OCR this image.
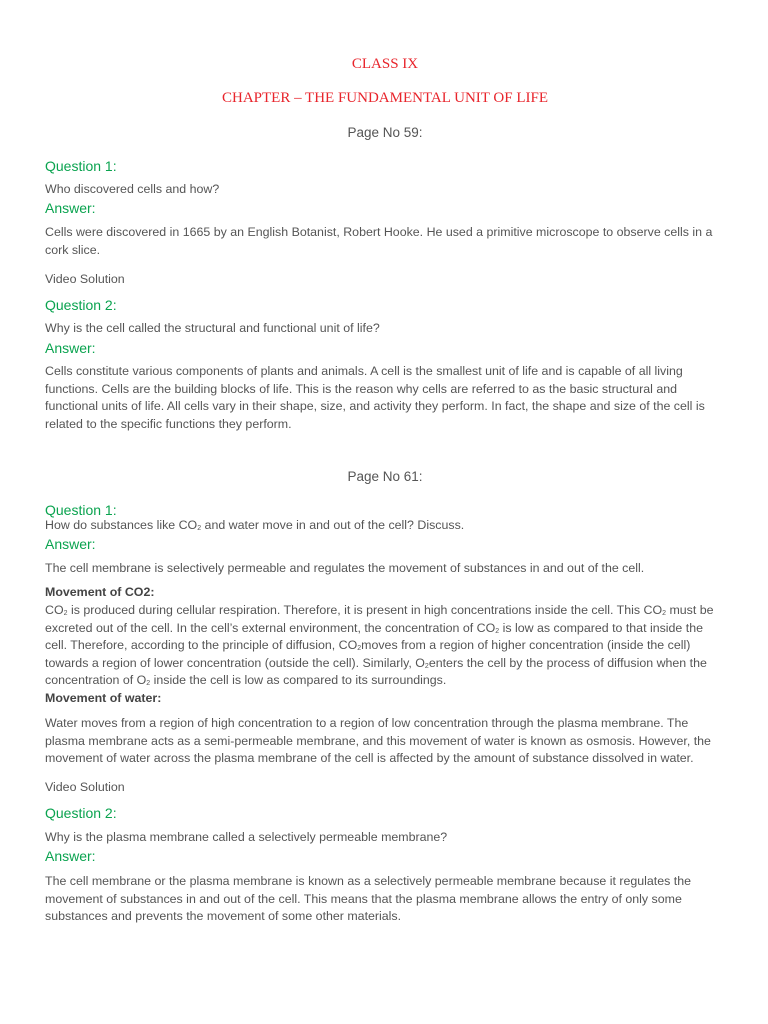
CLASS IX
CHAPTER – THE FUNDAMENTAL UNIT OF LIFE
Page No 59:
Question 1:
Who discovered cells and how?
Answer:
Cells were discovered in 1665 by an English Botanist, Robert Hooke. He used a primitive microscope to observe cells in a cork slice.
Video Solution
Question 2:
Why is the cell called the structural and functional unit of life?
Answer:
Cells constitute various components of plants and animals. A cell is the smallest unit of life and is capable of all living functions. Cells are the building blocks of life. This is the reason why cells are referred to as the basic structural and functional units of life. All cells vary in their shape, size, and activity they perform. In fact, the shape and size of the cell is related to the specific functions they perform.
Page No 61:
Question 1:
How do substances like $CO_2$ and water move in and out of the cell? Discuss.
Answer:
The cell membrane is selectively permeable and regulates the movement of substances in and out of the cell.
Movement of CO2:
$CO_2$ is produced during cellular respiration. Therefore, it is present in high concentrations inside the cell. This $CO_2$ must be excreted out of the cell. In the cell’s external environment, the concentration of $CO_2$ is low as compared to that inside the cell. Therefore, according to the principle of diffusion, $CO_2moves$ from a region of higher concentration (inside the cell) towards a region of lower concentration (outside the cell). Similarly, $O_2enters$ the cell by the process of diffusion when the concentration of $O_2$ inside the cell is low as compared to its surroundings.
Movement of water:
Water moves from a region of high concentration to a region of low concentration through the plasma membrane. The plasma membrane acts as a semi-permeable membrane, and this movement of water is known as osmosis. However, the movement of water across the plasma membrane of the cell is affected by the amount of substance dissolved in water.
Video Solution
Question 2:
Why is the plasma membrane called a selectively permeable membrane?
Answer:
The cell membrane or the plasma membrane is known as a selectively permeable membrane because it regulates the movement of substances in and out of the cell. This means that the plasma membrane allows the entry of only some substances and prevents the movement of some other materials.
